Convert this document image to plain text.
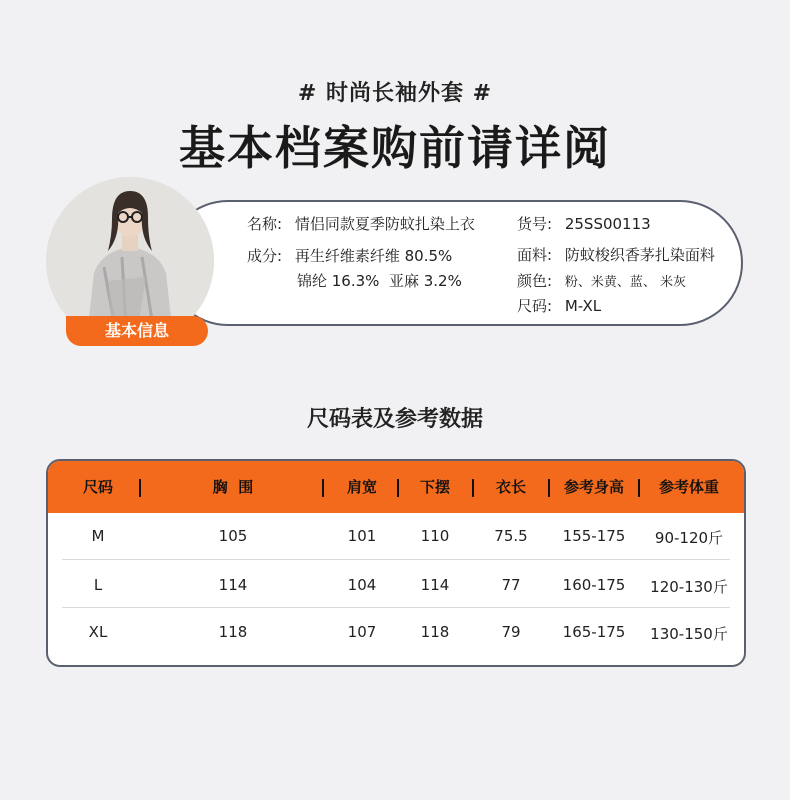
# 时尚长袖外套 #
基本档案购前请详阅
基本信息
名称: 情侣同款夏季防蚊扎染上衣
成分: 再生纤维素纤维 80.5%
锦纶 16.3%  亚麻 3.2%
货号: 25SS00113
面料: 防蚊梭织香茅扎染面料
颜色: 粉、米黄、蓝、 米灰
尺码: M-XL
尺码表及参考数据
尺码	胸  围	肩宽	下摆	衣长	参考身高	参考体重
M	105	101	110	75.5	155-175	90-120斤
L	114	104	114	77	160-175	120-130斤
XL	118	107	118	79	165-175	130-150斤
